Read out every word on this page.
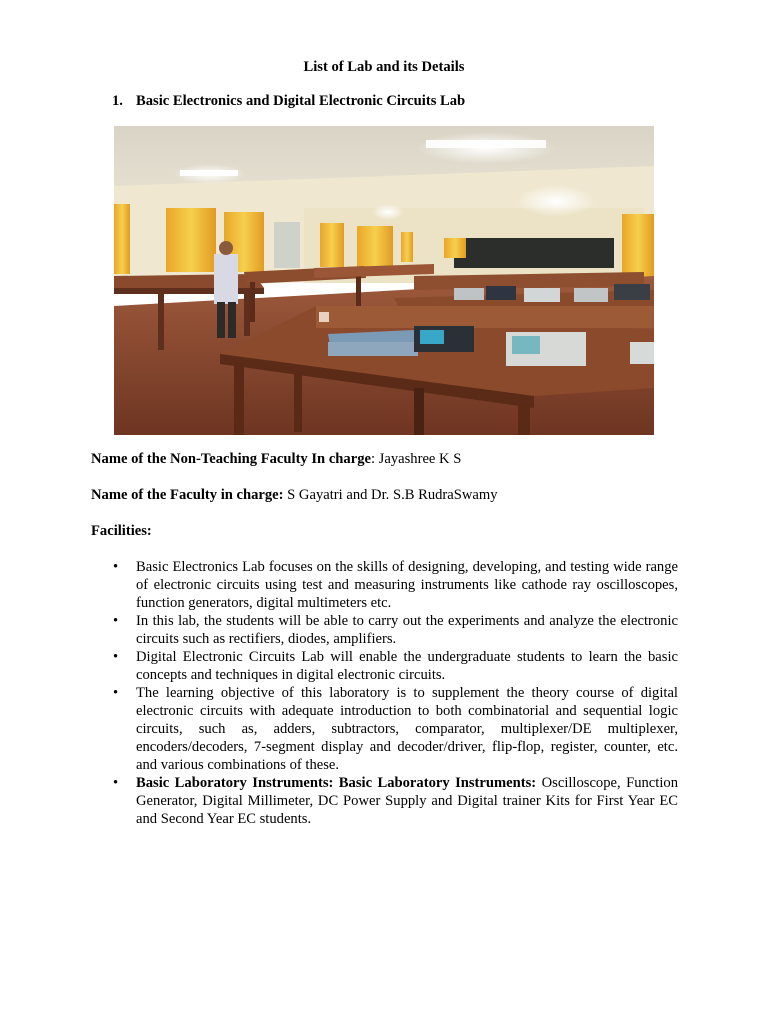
List of Lab and its Details
1. Basic Electronics and Digital Electronic Circuits Lab
Name of the Non-Teaching Faculty In charge: Jayashree K S
Name of the Faculty in charge: S Gayatri and Dr. S.B RudraSwamy
Facilities:
• Basic Electronics Lab focuses on the skills of designing, developing, and testing wide range of electronic circuits using test and measuring instruments like cathode ray oscilloscopes, function generators, digital multimeters etc.
• In this lab, the students will be able to carry out the experiments and analyze the electronic circuits such as rectifiers, diodes, amplifiers.
• Digital Electronic Circuits Lab will enable the undergraduate students to learn the basic concepts and techniques in digital electronic circuits.
• The learning objective of this laboratory is to supplement the theory course of digital electronic circuits with adequate introduction to both combinatorial and sequential logic circuits, such as, adders, subtractors, comparator, multiplexer/DE multiplexer, encoders/decoders, 7-segment display and decoder/driver, flip-flop, register, counter, etc. and various combinations of these.
• Basic Laboratory Instruments: Basic Laboratory Instruments: Oscilloscope, Function Generator, Digital Millimeter, DC Power Supply and Digital trainer Kits for First Year EC and Second Year EC students.
